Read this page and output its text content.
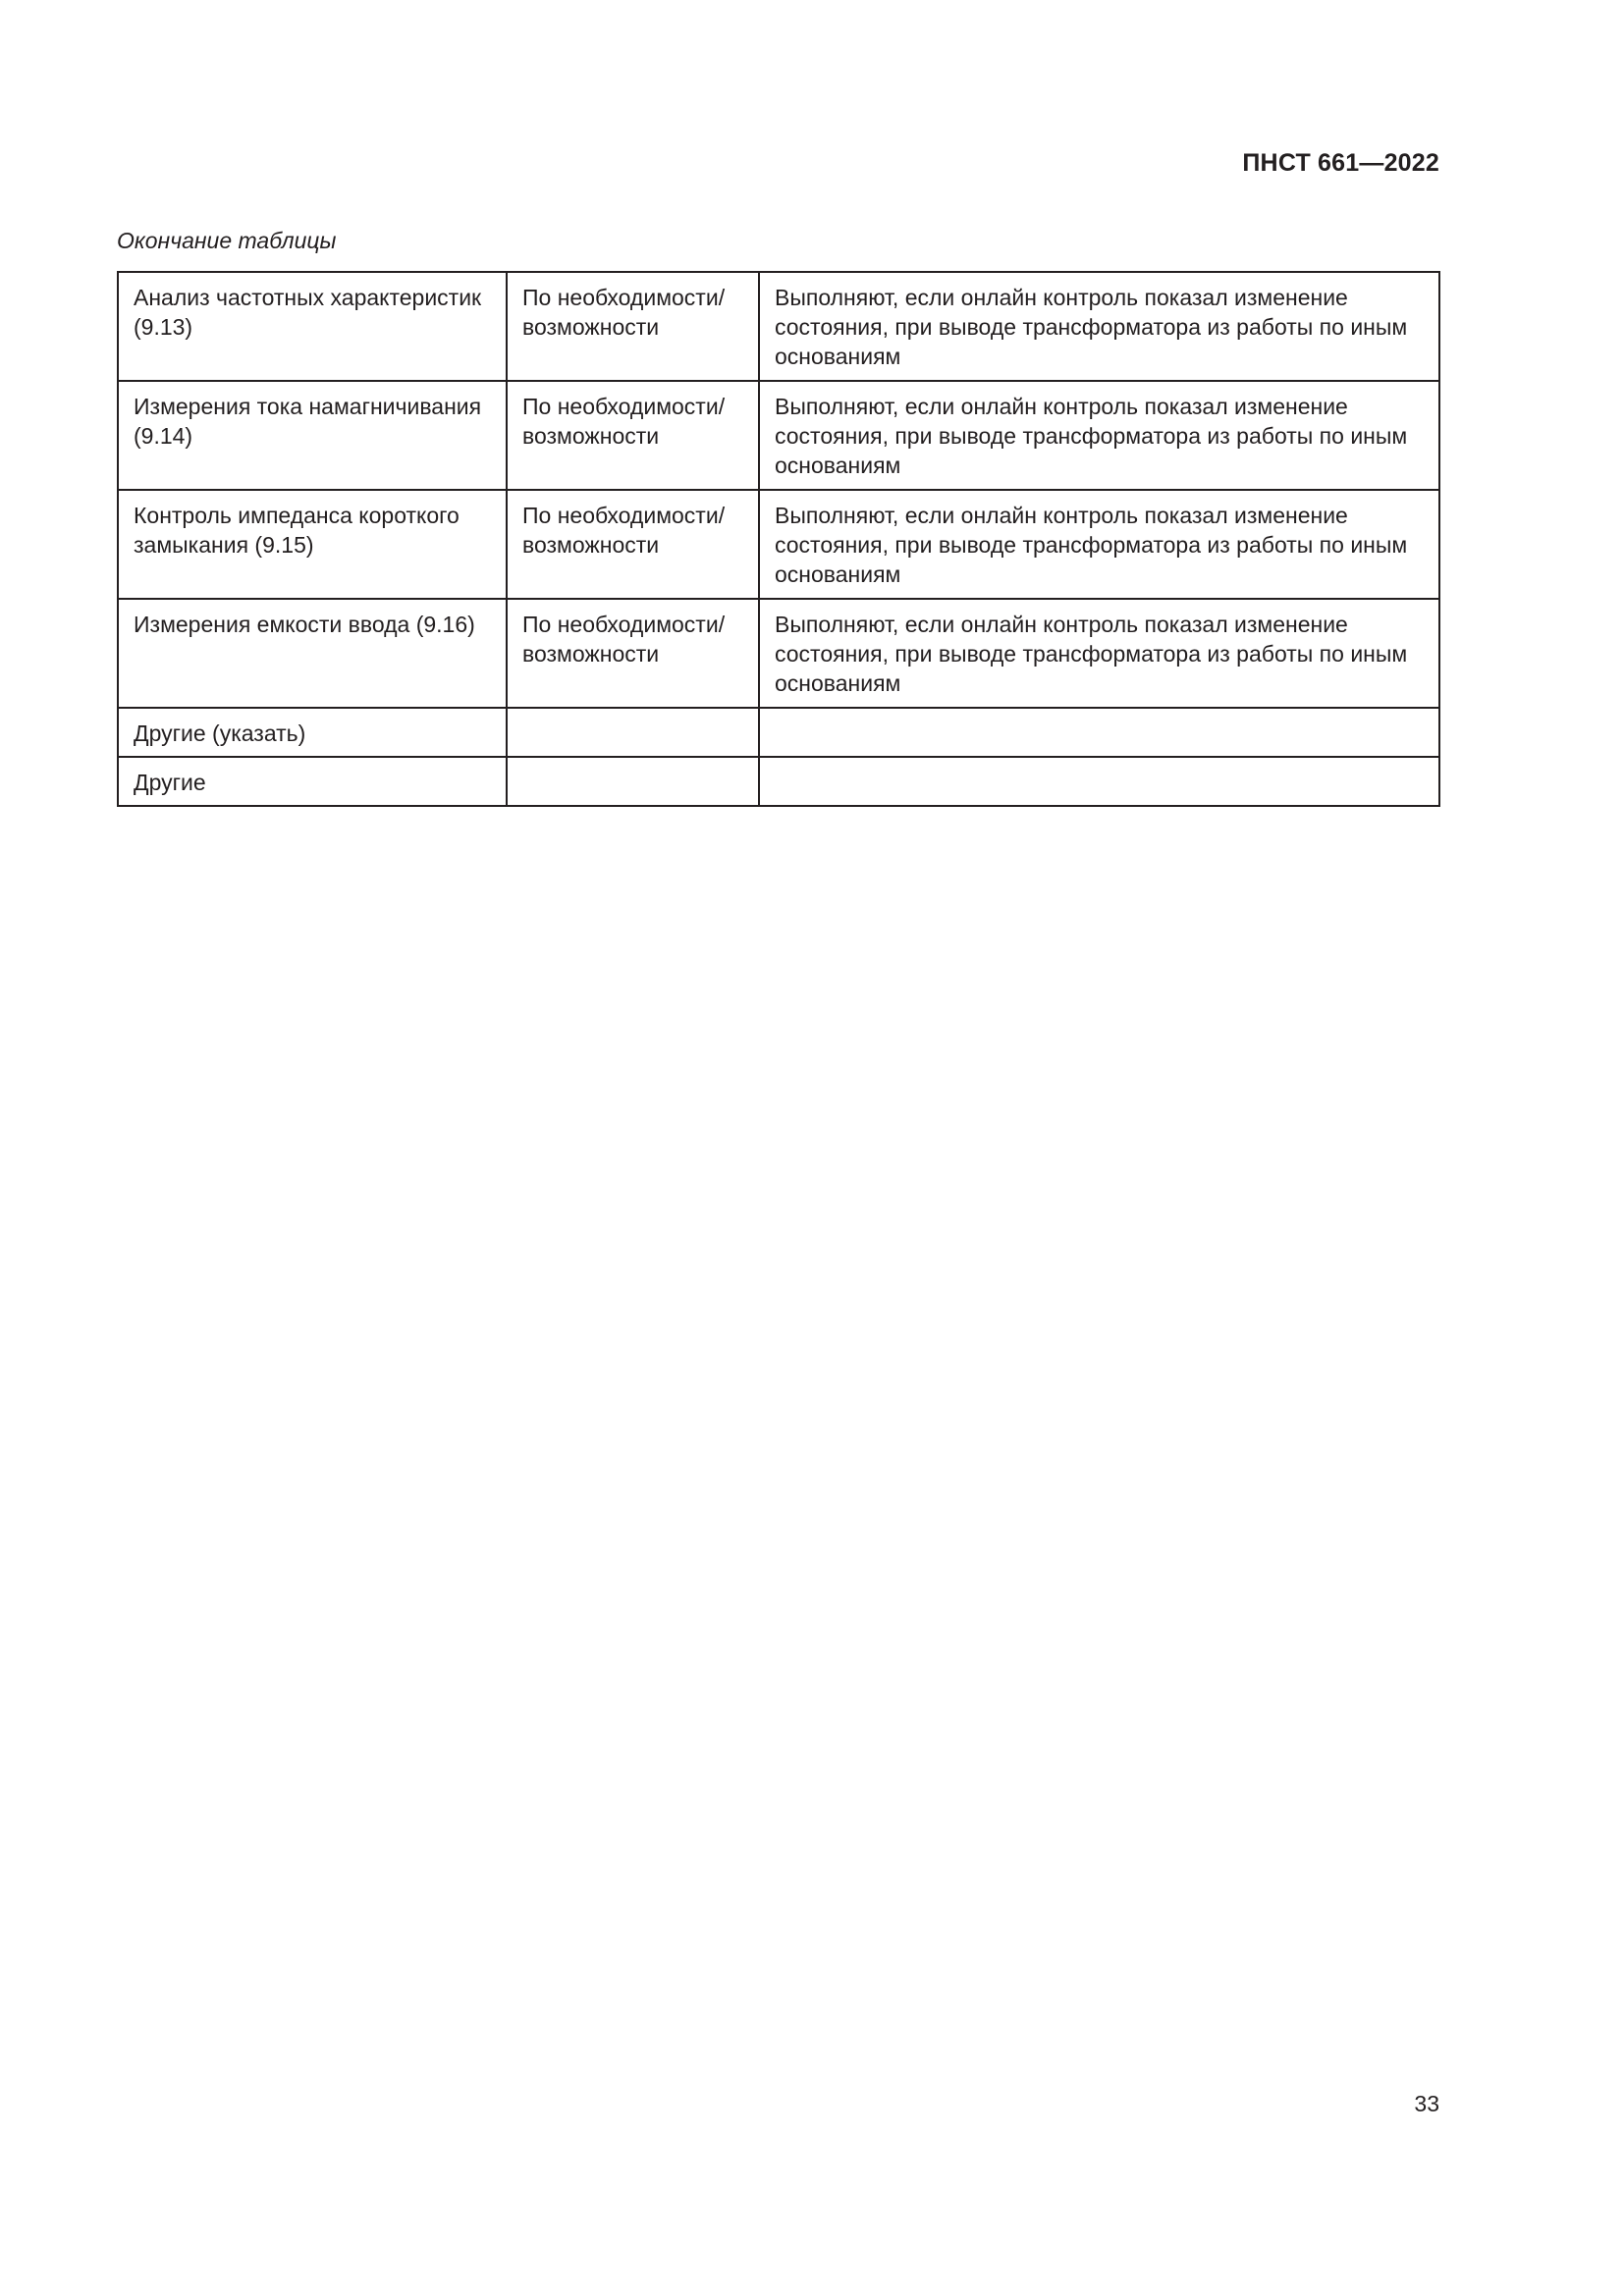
ПНСТ 661—2022
Окончание таблицы
Анализ частотных характеристик (9.13)	По необходимости/ возможности	Выполняют, если онлайн контроль показал изменение состояния, при выводе трансформатора из работы по иным основаниям
Измерения тока намагничивания (9.14)	По необходимости/ возможности	Выполняют, если онлайн контроль показал изменение состояния, при выводе трансформатора из работы по иным основаниям
Контроль импеданса короткого замыкания (9.15)	По необходимости/ возможности	Выполняют, если онлайн контроль показал изменение состояния, при выводе трансформатора из работы по иным основаниям
Измерения емкости ввода (9.16)	По необходимости/ возможности	Выполняют, если онлайн контроль показал изменение состояния, при выводе трансформатора из работы по иным основаниям
Другие (указать)		
Другие		
33
